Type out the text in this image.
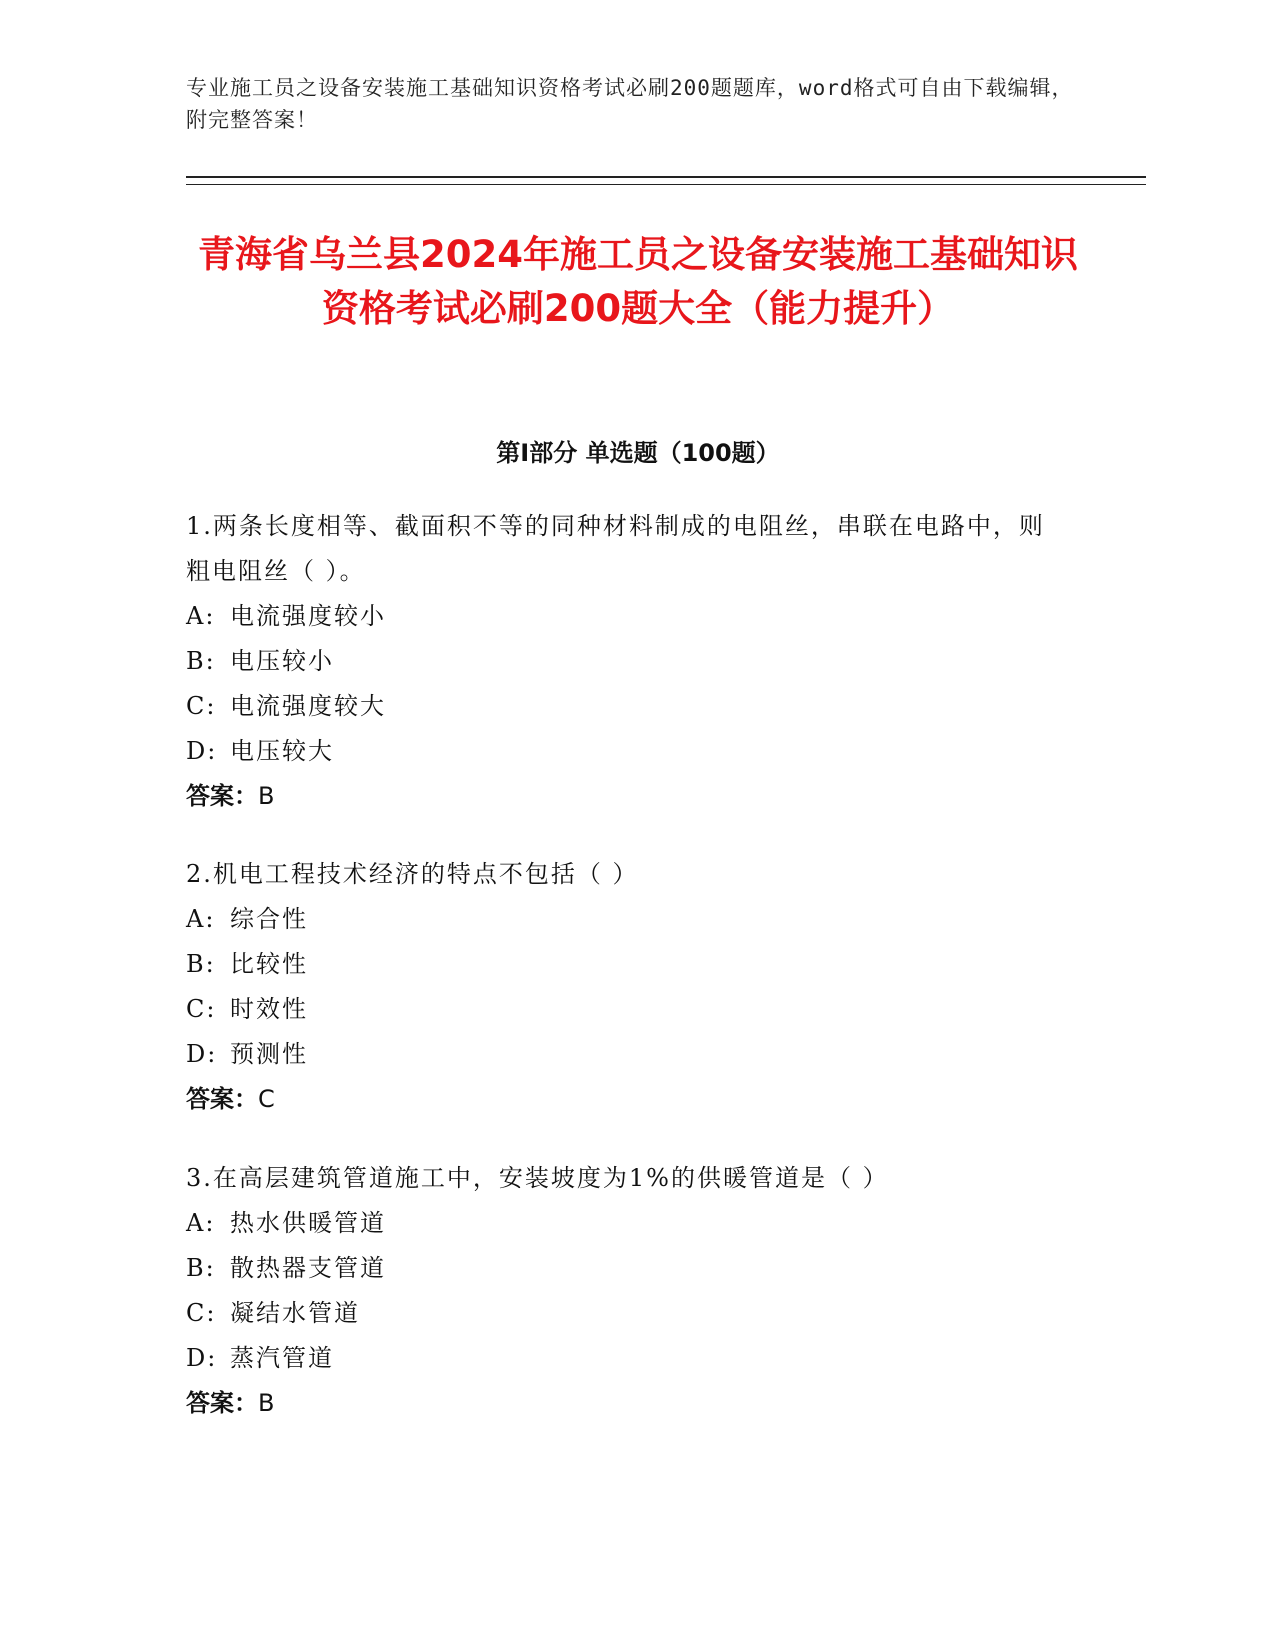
专业施工员之设备安装施工基础知识资格考试必刷200题题库，word格式可自由下载编辑，附完整答案！
青海省乌兰县2024年施工员之设备安装施工基础知识资格考试必刷200题大全（能力提升）
第I部分 单选题（100题）
1.两条长度相等、截面积不等的同种材料制成的电阻丝，串联在电路中，则粗电阻丝（ ）。
A: 电流强度较小
B: 电压较小
C: 电流强度较大
D: 电压较大
答案：B
2.机电工程技术经济的特点不包括（ ）
A: 综合性
B: 比较性
C: 时效性
D: 预测性
答案：C
3.在高层建筑管道施工中，安装坡度为1%的供暖管道是（ ）
A: 热水供暖管道
B: 散热器支管道
C: 凝结水管道
D: 蒸汽管道
答案：B
